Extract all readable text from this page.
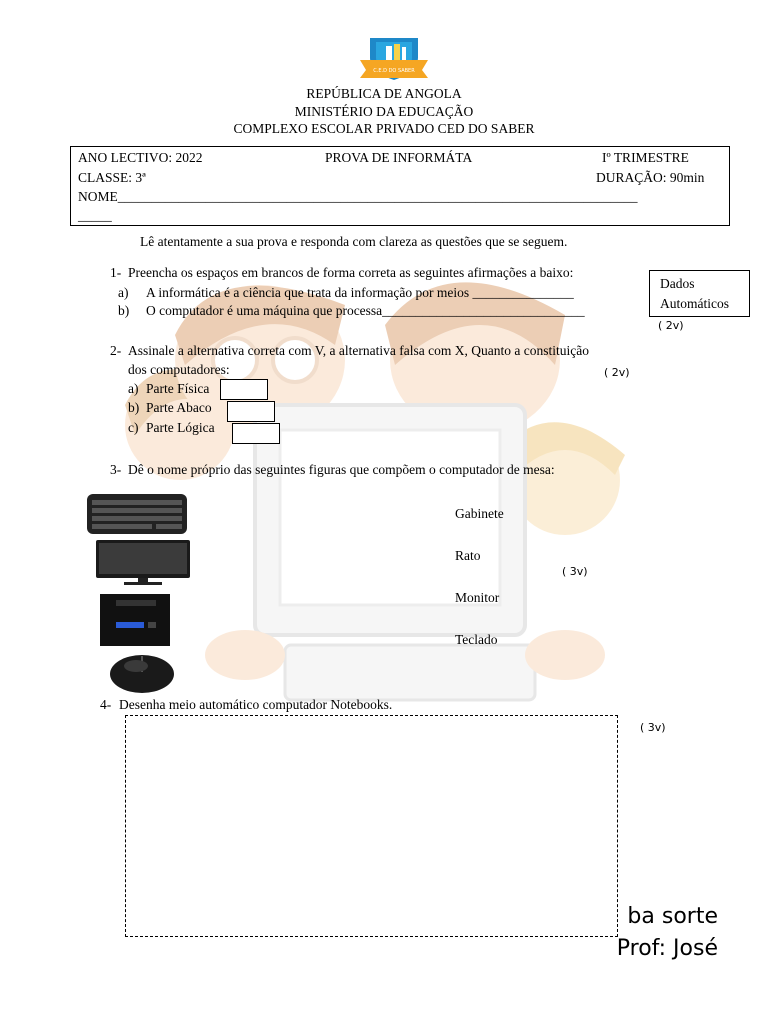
C.E.D DO SABER
REPÚBLICA DE ANGOLA
MINISTÉRIO DA EDUCAÇÃO
COMPLEXO ESCOLAR PRIVADO CED DO SABER
ANO LECTIVO: 2022	PROVA DE INFORMÁTA	Iº TRIMESTRE
CLASSE: 3ª	DURAÇÃO: 90min
NOME_____________________________________________________________________________
_____
Lê atentamente a sua prova e responda com clareza as questões que se seguem.
1- Preencha os espaços em brancos de forma correta as seguintes afirmações a baixo:
a) A informática é a ciência que trata da informação por meios _______________
b) O computador é uma máquina que processa______________________________
Dados
Automáticos
( 2v)
2- Assinale a alternativa correta com V, a alternativa falsa com X, Quanto a constituição
dos computadores:	( 2v)
a) Parte Física
b) Parte Abaco
c) Parte Lógica
3- Dê o nome próprio das seguintes figuras que compõem o computador de mesa:
Gabinete
Rato
Monitor
Teclado
( 3v)
4- Desenha meio automático computador Notebooks.
( 3v)
ba sorte
Prof: José
